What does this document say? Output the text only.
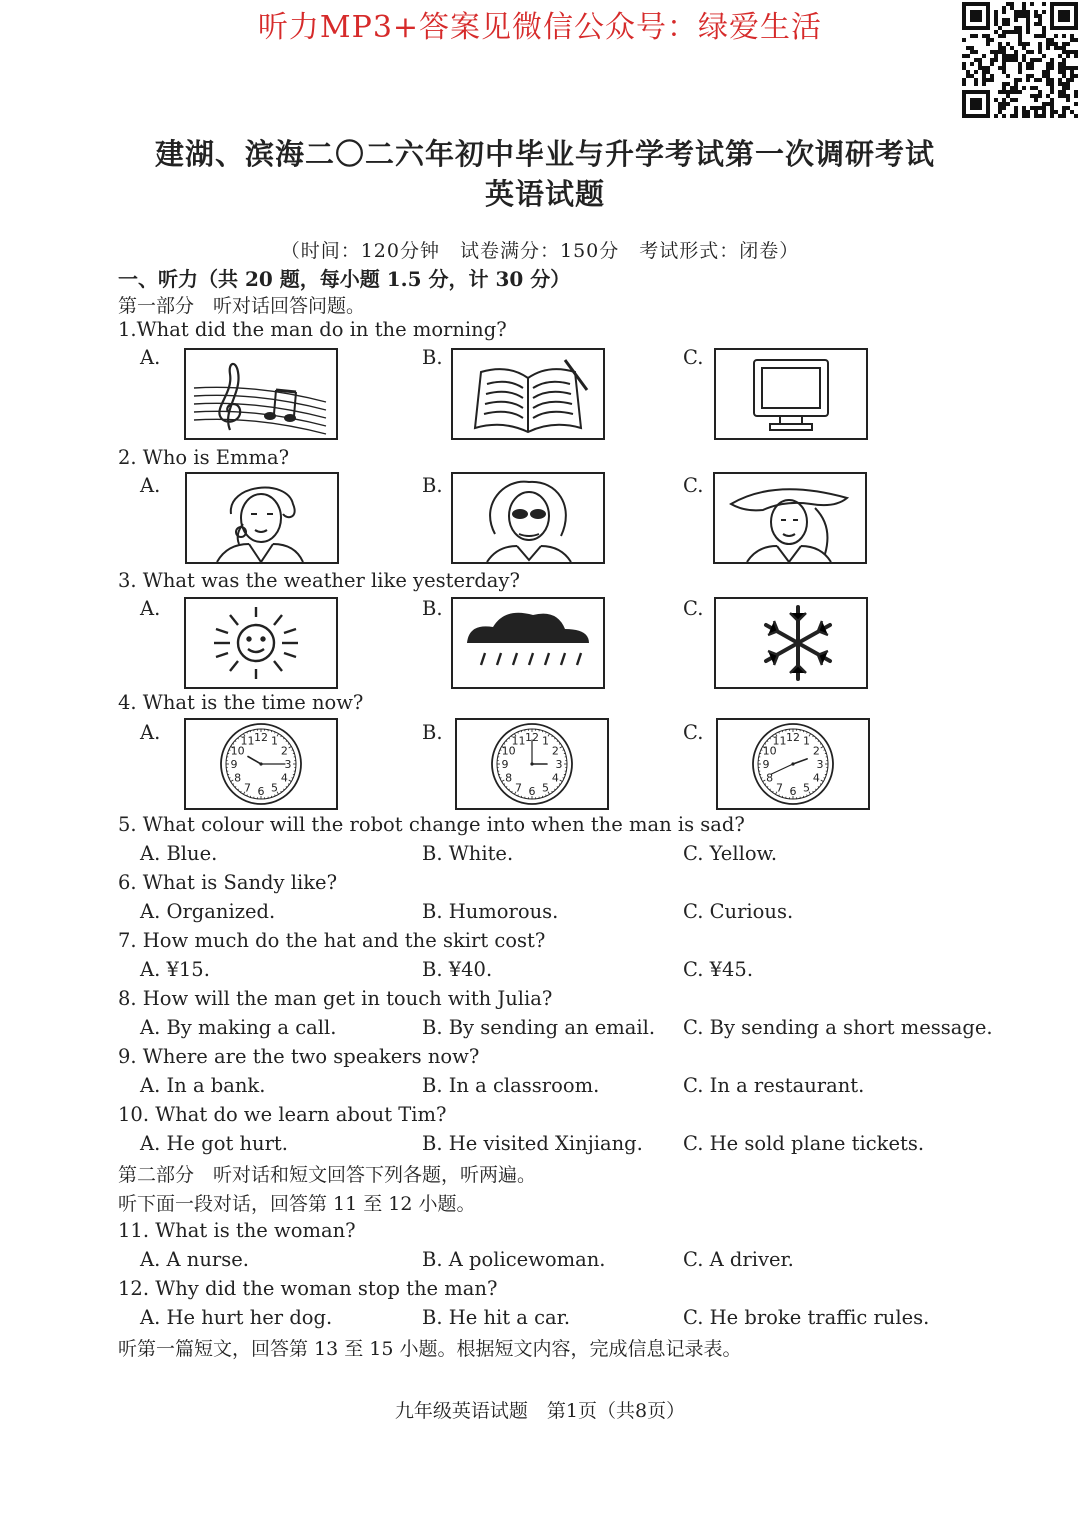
听力MP3+答案见微信公众号：绿爱生活
建湖、滨海二〇二六年初中毕业与升学考试第一次调研考试
英语试题
（时间：120分钟　试卷满分：150分　考试形式：闭卷）
一、听力（共 20 题，每小题 1.5 分，计 30 分）
第一部分　听对话回答问题。
1.What did the man do in the morning?
A.	B.	C.
2. Who is Emma?
A.	B.	C.
3. What was the weather like yesterday?
A.	B.	C.
4. What is the time now?
A.	B.	C.
12 1
2
3
4
5
6
7
8
9
10
11	12 1
2
3
4
5
6
7
8
9
10
11	12 1
2
3
4
5
6
7
8
9
10
11
5. What colour will the robot change into when the man is sad?
A. Blue.	B. White.	C. Yellow.
6. What is Sandy like?
A. Organized.	B. Humorous.	C. Curious.
7. How much do the hat and the skirt cost?
A. ¥15.	B. ¥40.	C. ¥45.
8. How will the man get in touch with Julia?
A. By making a call.	B. By sending an email. C. By sending a short message.
9. Where are the two speakers now?
A. In a bank.	B. In a classroom.	C. In a restaurant.
10. What do we learn about Tim?
A. He got hurt.	B. He visited Xinjiang. C. He sold plane tickets.
第二部分　听对话和短文回答下列各题，听两遍。
听下面一段对话，回答第 11 至 12 小题。
11. What is the woman?
A. A nurse.	B. A policewoman.	C. A driver.
12. Why did the woman stop the man?
A. He hurt her dog.	B. He hit a car.	C. He broke traffic rules.
听第一篇短文，回答第 13 至 15 小题。根据短文内容，完成信息记录表。
九年级英语试题　第1页（共8页）
